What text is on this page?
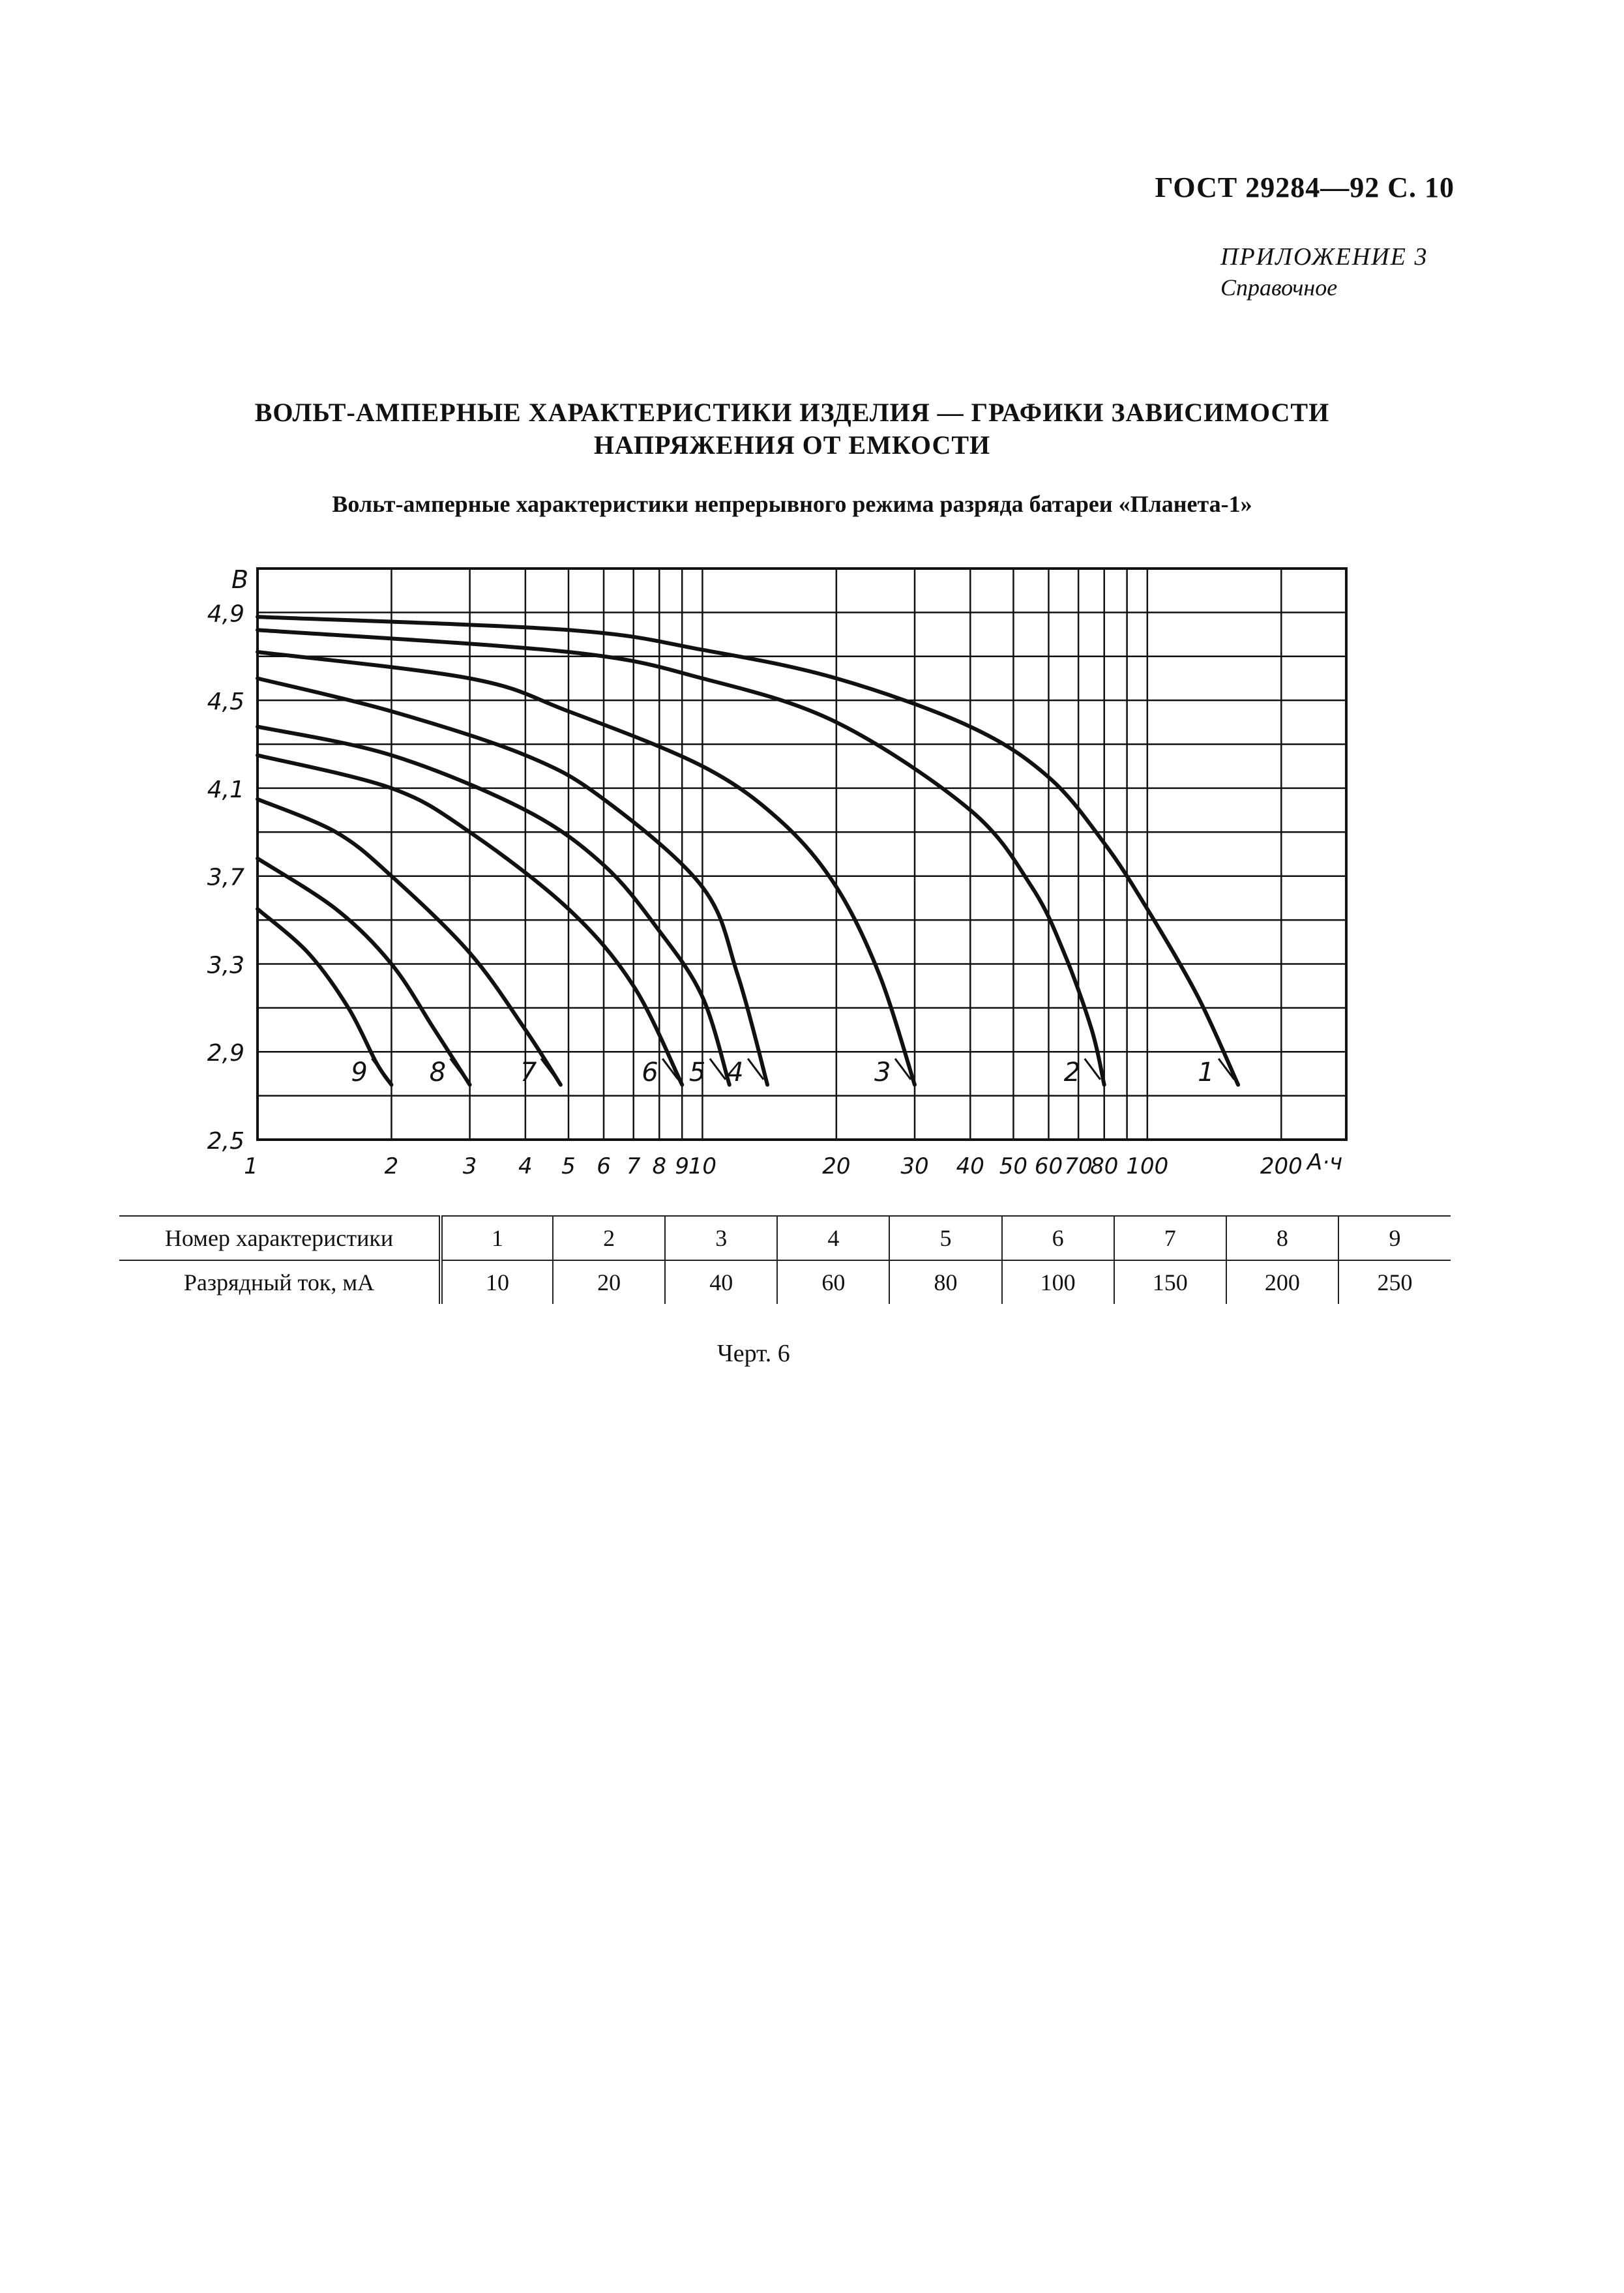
ГОСТ 29284—92 С. 10
ПРИЛОЖЕНИЕ 3
Справочное
ВОЛЬТ-АМПЕРНЫЕ ХАРАКТЕРИСТИКИ ИЗДЕЛИЯ — ГРАФИКИ ЗАВИСИМОСТИ
НАПРЯЖЕНИЯ ОТ ЕМКОСТИ
Вольт-амперные характеристики непрерывного режима разряда батареи «Планета-1»
В
4,9
4,5
4,1
3,7
3,3
2,9
2,5
1	2	3 4 5 6 7 8 9
10	20 30 40 50 60 70
80 100	200 А·ч
1
2
3
4
5
6
7
8
9
Номер характеристики	1	2	3	4	5	6	7	8	9
Разрядный ток, мА	10	20	40	60	80	100	150	200	250
Черт. 6
